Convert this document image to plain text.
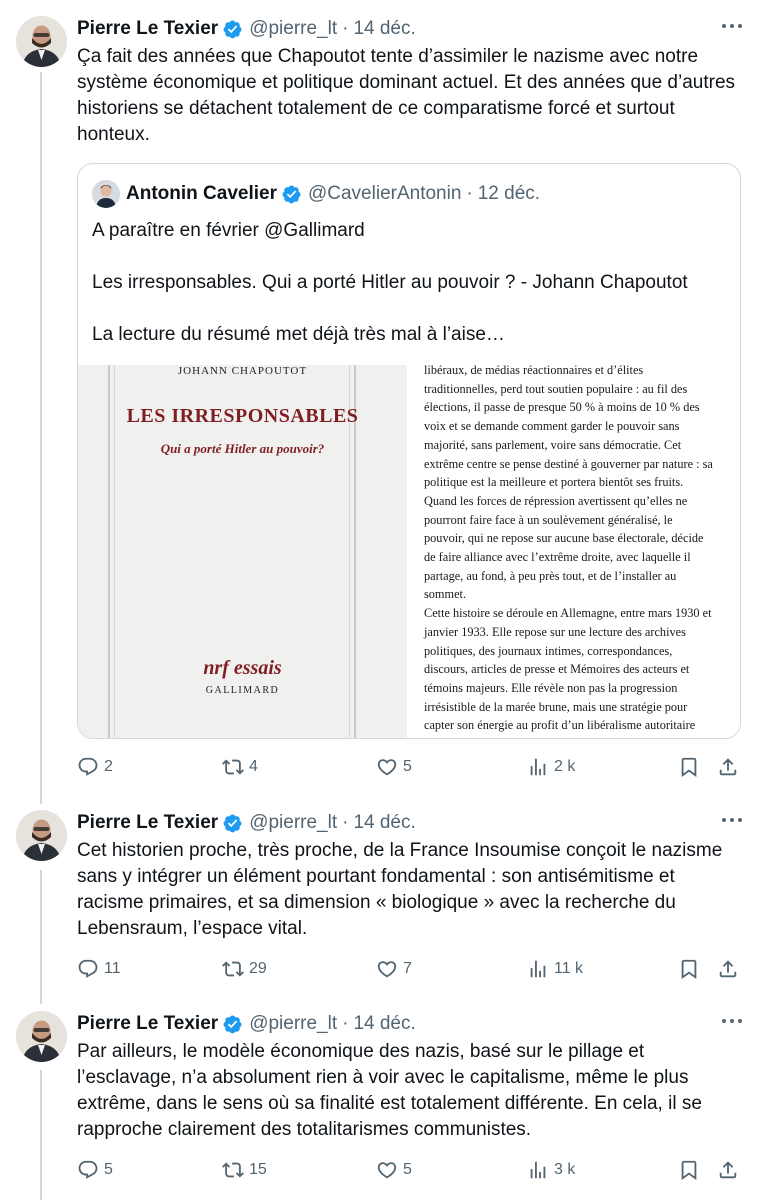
Pierre Le Texier @pierre_lt · 14 déc.
Ça fait des années que Chapoutot tente d’assimiler le nazisme avec notre système économique et politique dominant actuel. Et des années que d’autres historiens se détachent totalement de ce comparatisme forcé et surtout honteux.
Antonin Cavelier @CavelierAntonin · 12 déc.
A paraître en février @Gallimard

Les irresponsables. Qui a porté Hitler au pouvoir ? - Johann Chapoutot

La lecture du résumé met déjà très mal à l’aise…
JOHANN CHAPOUTOT
LES IRRESPONSABLES
Qui a porté Hitler au pouvoir?
nrf essais
GALLIMARD
libéraux, de médias réactionnaires et d’élites
traditionnelles, perd tout soutien populaire : au fil des
élections, il passe de presque 50 % à moins de 10 % des
voix et se demande comment garder le pouvoir sans
majorité, sans parlement, voire sans démocratie. Cet
extrême centre se pense destiné à gouverner par nature : sa
politique est la meilleure et portera bientôt ses fruits.
Quand les forces de répression avertissent qu’elles ne
pourront faire face à un soulèvement généralisé, le
pouvoir, qui ne repose sur aucune base électorale, décide
de faire alliance avec l’extrême droite, avec laquelle il
partage, au fond, à peu près tout, et de l’installer au
sommet.
Cette histoire se déroule en Allemagne, entre mars 1930 et
janvier 1933. Elle repose sur une lecture des archives
politiques, des journaux intimes, correspondances,
discours, articles de presse et Mémoires des acteurs et
témoins majeurs. Elle révèle non pas la progression
irrésistible de la marée brune, mais une stratégie pour
capter son énergie au profit d’un libéralisme autoritaire
2	4	5	2 k
Pierre Le Texier @pierre_lt · 14 déc.
Cet historien proche, très proche, de la France Insoumise conçoit le nazisme sans y intégrer un élément pourtant fondamental : son antisémitisme et racisme primaires, et sa dimension « biologique » avec la recherche du Lebensraum, l’espace vital.
11	29	7	11 k
Pierre Le Texier @pierre_lt · 14 déc.
Par ailleurs, le modèle économique des nazis, basé sur le pillage et l’esclavage, n’a absolument rien à voir avec le capitalisme, même le plus extrême, dans le sens où sa finalité est totalement différente. En cela, il se rapproche clairement des totalitarismes communistes.
5	15	5	3 k
